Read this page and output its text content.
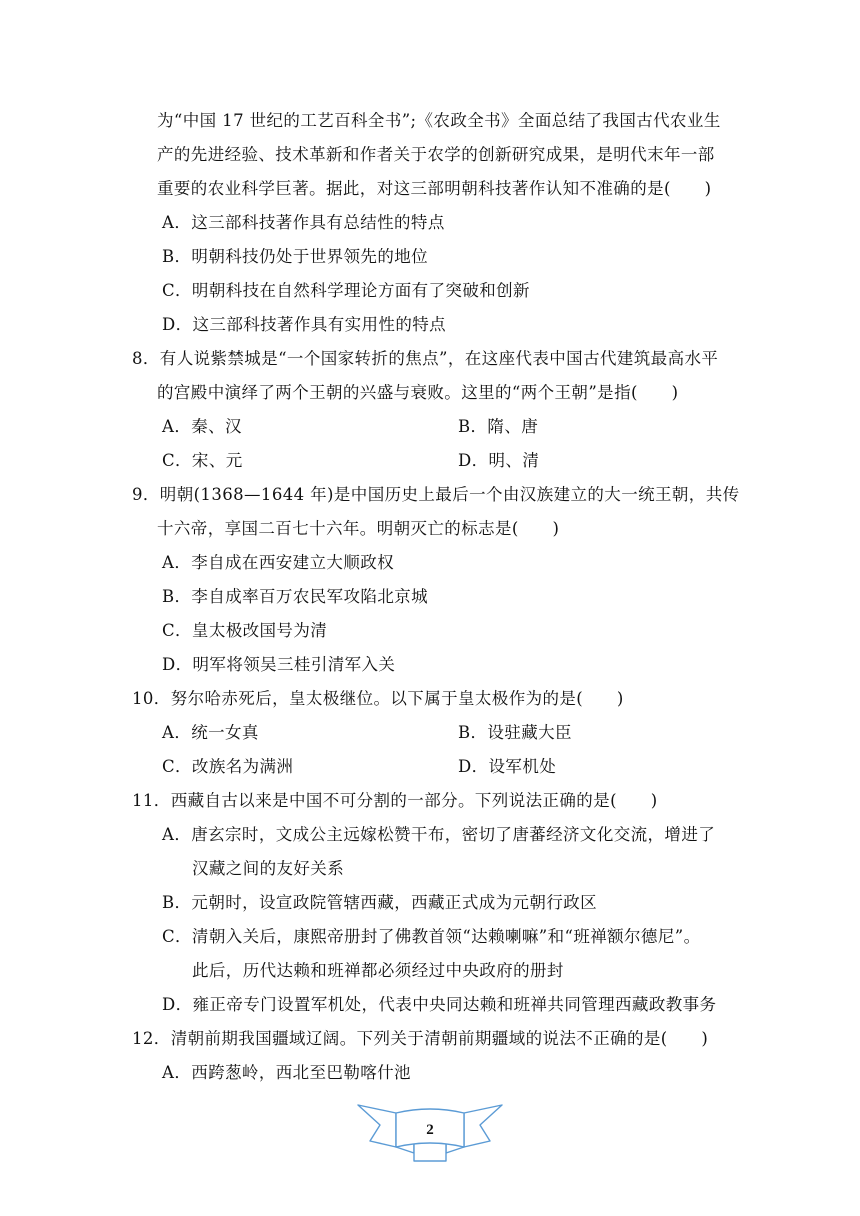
为“中国 17 世纪的工艺百科全书”;《农政全书》全面总结了我国古代农业生
产的先进经验、技术革新和作者关于农学的创新研究成果，是明代末年一部
重要的农业科学巨著。据此，对这三部明朝科技著作认知不准确的是(　　)
A．这三部科技著作具有总结性的特点
B．明朝科技仍处于世界领先的地位
C．明朝科技在自然科学理论方面有了突破和创新
D．这三部科技著作具有实用性的特点
8．有人说紫禁城是“一个国家转折的焦点”，在这座代表中国古代建筑最高水平
的宫殿中演绎了两个王朝的兴盛与衰败。这里的“两个王朝”是指(　　)
A．秦、汉	B．隋、唐
C．宋、元	D．明、清
9．明朝(1368—1644 年)是中国历史上最后一个由汉族建立的大一统王朝，共传
十六帝，享国二百七十六年。明朝灭亡的标志是(　　)
A．李自成在西安建立大顺政权
B．李自成率百万农民军攻陷北京城
C．皇太极改国号为清
D．明军将领吴三桂引清军入关
10．努尔哈赤死后，皇太极继位。以下属于皇太极作为的是(　　)
A．统一女真	B．设驻藏大臣
C．改族名为满洲	D．设军机处
11．西藏自古以来是中国不可分割的一部分。下列说法正确的是(　　)
A．唐玄宗时，文成公主远嫁松赞干布，密切了唐蕃经济文化交流，增进了
汉藏之间的友好关系
B．元朝时，设宣政院管辖西藏，西藏正式成为元朝行政区
C．清朝入关后，康熙帝册封了佛教首领“达赖喇嘛”和“班禅额尔德尼”。
此后，历代达赖和班禅都必须经过中央政府的册封
D．雍正帝专门设置军机处，代表中央同达赖和班禅共同管理西藏政教事务
12．清朝前期我国疆域辽阔。下列关于清朝前期疆域的说法不正确的是(　　)
A．西跨葱岭，西北至巴勒喀什池
2
